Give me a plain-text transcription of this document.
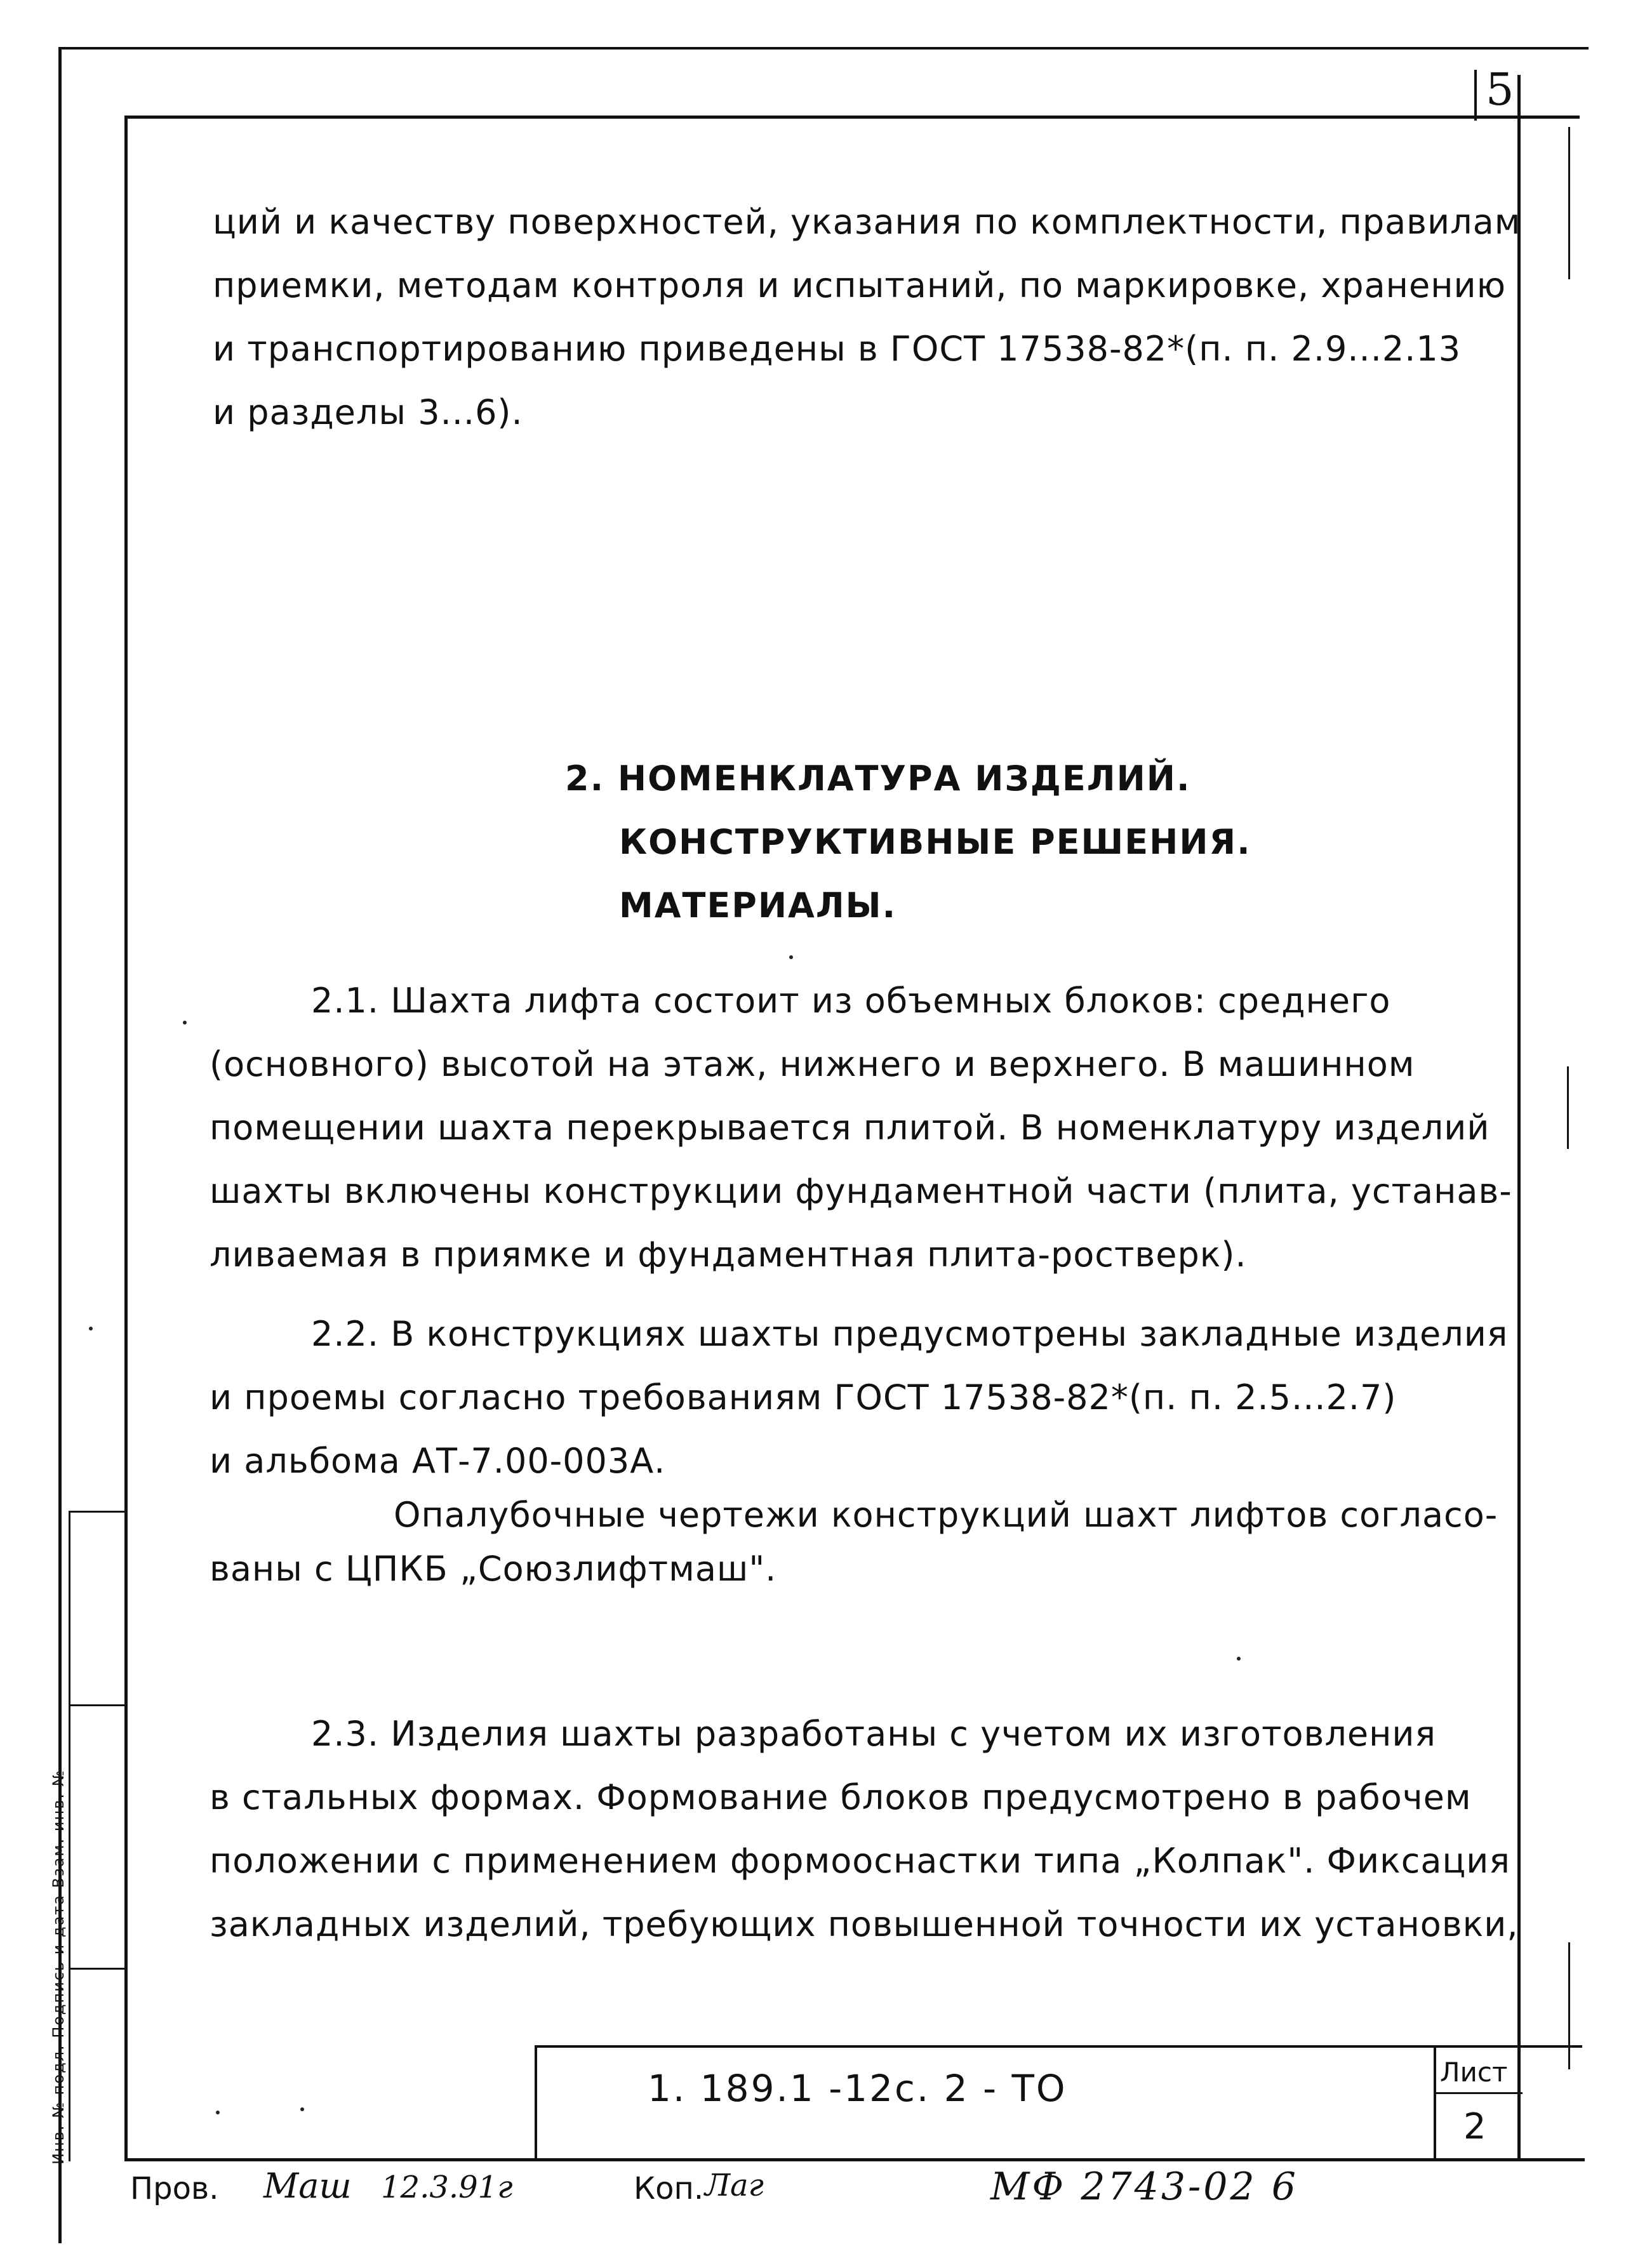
5
Инв. № подл. Подпись и дата Взам. инв. №
ций и качеству поверхностей, указания по комплектности, правилам
приемки, методам контроля и испытаний, по маркировке, хранению
и транспортированию приведены в ГОСТ 17538-82*(п. п. 2.9...2.13
и разделы 3...6).
2. НОМЕНКЛАТУРА ИЗДЕЛИЙ.
КОНСТРУКТИВНЫЕ РЕШЕНИЯ.
МАТЕРИАЛЫ.
2.1. Шахта лифта состоит из объемных блоков: среднего
(основного) высотой на этаж, нижнего и верхнего. В машинном
помещении шахта перекрывается плитой. В номенклатуру изделий
шахты включены конструкции фундаментной части (плита, устанав-
ливаемая в приямке и фундаментная плита-ростверк).
2.2. В конструкциях шахты предусмотрены закладные изделия
и проемы согласно требованиям ГОСТ 17538-82*(п. п. 2.5...2.7)
и альбома АТ-7.00-003А.
Опалубочные чертежи конструкций шахт лифтов согласо-
ваны с ЦПКБ „Союзлифтмаш".
2.3. Изделия шахты разработаны с учетом их изготовления
в стальных формах. Формование блоков предусмотрено в рабочем
положении с применением формооснастки типа „Колпак". Фиксация
закладных изделий, требующих повышенной точности их установки,
1. 189.1 -12с. 2 - ТО	Лист
2
Пров. Маш 12.3.91г	Коп. Лаг	МФ 2743-02 6
